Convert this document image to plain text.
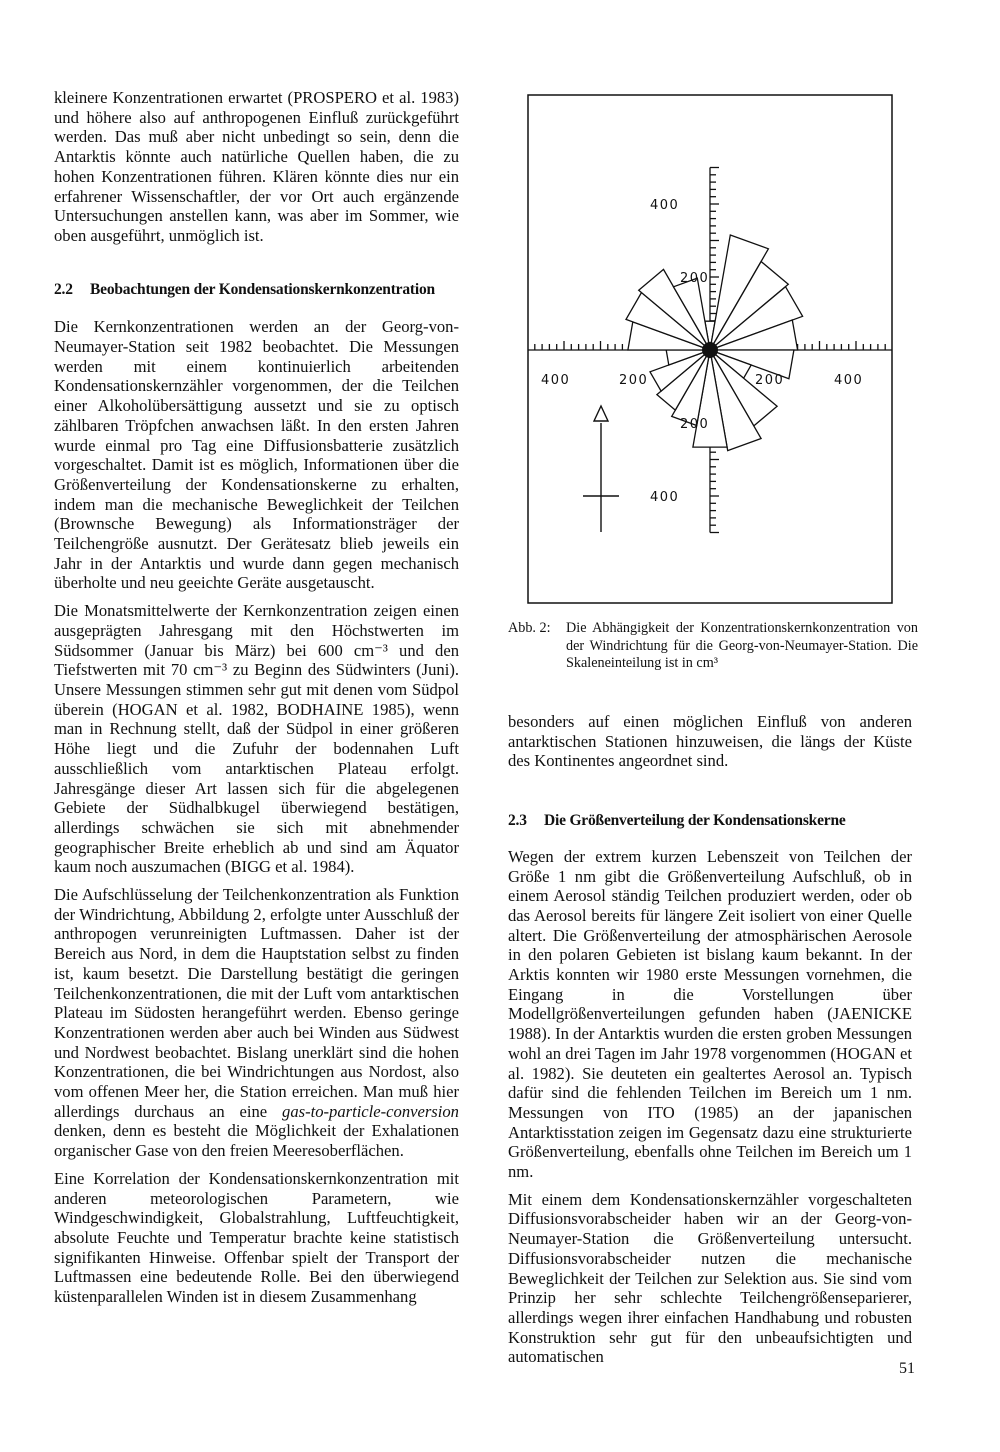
kleinere Konzentrationen erwartet (PROSPERO et al. 1983) und höhere also auf anthropogenen Einfluß zurückgeführt werden. Das muß aber nicht unbedingt so sein, denn die Antarktis könnte auch natürliche Quellen haben, die zu hohen Konzentrationen führen. Klären könnte dies nur ein erfahrener Wissenschaftler, der vor Ort auch ergänzende Untersuchungen anstellen kann, was aber im Sommer, wie oben ausgeführt, unmöglich ist.

2.2 Beobachtungen der Kondensationskernkonzentration

Die Kernkonzentrationen werden an der Georg-von-Neumayer-Station seit 1982 beobachtet. Die Messungen werden mit einem kontinuierlich arbeitenden Kondensationskernzähler vorgenommen, der die Teilchen einer Alkoholübersättigung aussetzt und sie zu optisch zählbaren Tröpfchen anwachsen läßt. In den ersten Jahren wurde einmal pro Tag eine Diffusionsbatterie zusätzlich vorgeschaltet. Damit ist es möglich, Informationen über die Größenverteilung der Kondensationskerne zu erhalten, indem man die mechanische Beweglichkeit der Teilchen (Brownsche Bewegung) als Informationsträger der Teilchengröße ausnutzt. Der Gerätesatz blieb jeweils ein Jahr in der Antarktis und wurde dann gegen mechanisch überholte und neu geeichte Geräte ausgetauscht.

Die Monatsmittelwerte der Kernkonzentration zeigen einen ausgeprägten Jahresgang mit den Höchstwerten im Südsommer (Januar bis März) bei 600 cm⁻³ und den Tiefstwerten mit 70 cm⁻³ zu Beginn des Südwinters (Juni). Unsere Messungen stimmen sehr gut mit denen vom Südpol überein (HOGAN et al. 1982, BODHAINE 1985), wenn man in Rechnung stellt, daß der Südpol in einer größeren Höhe liegt und die Zufuhr der bodennahen Luft ausschließlich vom antarktischen Plateau erfolgt. Jahresgänge dieser Art lassen sich für die abgelegenen Gebiete der Südhalbkugel überwiegend bestätigen, allerdings schwächen sie sich mit abnehmender geographischer Breite erheblich ab und sind am Äquator kaum noch auszumachen (BIGG et al. 1984).

Die Aufschlüsselung der Teilchenkonzentration als Funktion der Windrichtung, Abbildung 2, erfolgte unter Ausschluß der anthropogen verunreinigten Luftmassen. Daher ist der Bereich aus Nord, in dem die Hauptstation selbst zu finden ist, kaum besetzt. Die Darstellung bestätigt die geringen Teilchenkonzentrationen, die mit der Luft vom antarktischen Plateau im Südosten herangeführt werden. Ebenso geringe Konzentrationen werden aber auch bei Winden aus Südwest und Nordwest beobachtet. Bislang unerklärt sind die hohen Konzentrationen, die bei Windrichtungen aus Nordost, also vom offenen Meer her, die Station erreichen. Man muß hier allerdings durchaus an eine gas-to-particle-conversion denken, denn es besteht die Möglichkeit der Exhalationen organischer Gase von den freien Meeresoberflächen.

Eine Korrelation der Kondensationskernkonzentration mit anderen meteorologischen Parametern, wie Windgeschwindigkeit, Globalstrahlung, Luftfeuchtigkeit, absolute Feuchte und Temperatur brachte keine statistisch signifikanten Hinweise. Offenbar spielt der Transport der Luftmassen eine bedeutende Rolle. Bei den überwiegend küstenparallelen Winden ist in diesem Zusammenhang

400
200
400	200	200	400
200
400
Abb. 2:	Die Abhängigkeit der Konzentrationskernkonzentration von der Windrichtung für die Georg-von-Neumayer-Station. Die Skaleneinteilung ist in cm³

besonders auf einen möglichen Einfluß von anderen antarktischen Stationen hinzuweisen, die längs der Küste des Kontinentes angeordnet sind.

2.3 Die Größenverteilung der Kondensationskerne

Wegen der extrem kurzen Lebenszeit von Teilchen der Größe 1 nm gibt die Größenverteilung Aufschluß, ob in einem Aerosol ständig Teilchen produziert werden, oder ob das Aerosol bereits für längere Zeit isoliert von einer Quelle altert. Die Größenverteilung der atmosphärischen Aerosole in den polaren Gebieten ist bislang kaum bekannt. In der Arktis konnten wir 1980 erste Messungen vornehmen, die Eingang in die Vorstellungen über Modellgrößenverteilungen gefunden haben (JAENICKE 1988). In der Antarktis wurden die ersten groben Messungen wohl an drei Tagen im Jahr 1978 vorgenommen (HOGAN et al. 1982). Sie deuteten ein gealtertes Aerosol an. Typisch dafür sind die fehlenden Teilchen im Bereich um 1 nm. Messungen von ITO (1985) an der japanischen Antarktisstation zeigen im Gegensatz dazu eine strukturierte Größenverteilung, ebenfalls ohne Teilchen im Bereich um 1 nm.

Mit einem dem Kondensationskernzähler vorgeschalteten Diffusionsvorabscheider haben wir an der Georg-von-Neumayer-Station die Größenverteilung untersucht. Diffusionsvorabscheider nutzen die mechanische Beweglichkeit der Teilchen zur Selektion aus. Sie sind vom Prinzip her sehr schlechte Teilchengrößenseparierer, allerdings wegen ihrer einfachen Handhabung und robusten Konstruktion sehr gut für den unbeaufsichtigten und automatischen

51
